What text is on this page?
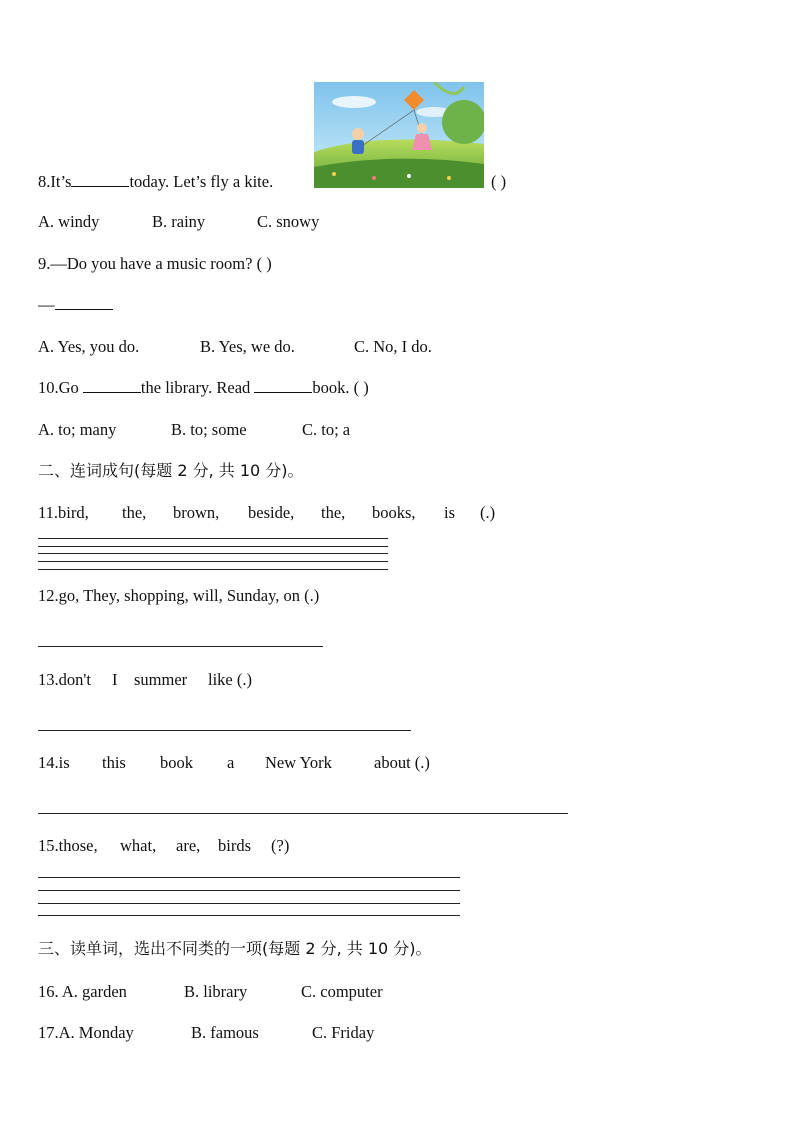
8.It’s	today. Let’s fly a kite.	( )
A. windy	B. rainy	C. snowy
9.—Do you have a music room? ( )
—
A. Yes, you do.	B. Yes, we do.	C. No, I do.
10.Go	the library. Read	book. ( )
A. to; many	B. to; some	C. to; a
二、连词成句(每题 2 分, 共 10 分)。
11.bird, the, brown, beside, the, books, is (.)
12.go, They, shopping, will, Sunday, on (.)
13.don't I summer like (.)
14.is this book a New York	about (.)
15.those, what, are, birds (?)
三、读单词，选出不同类的一项(每题 2 分, 共 10 分)。
16. A. garden	B. library	C. computer
17.A. Monday	B. famous	C. Friday
